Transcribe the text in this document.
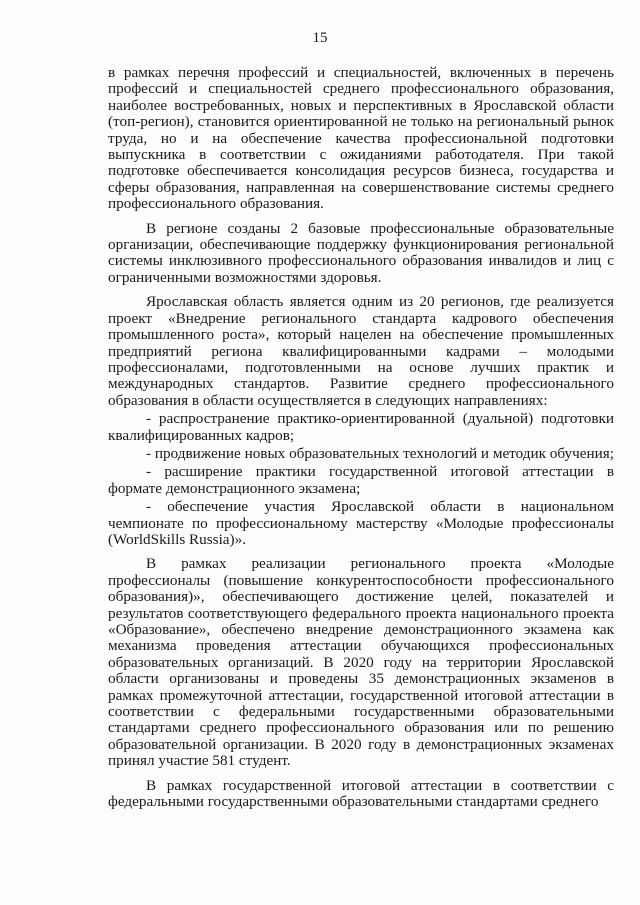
15

в рамках перечня профессий и специальностей, включенных в перечень профессий и специальностей среднего профессионального образования, наиболее востребованных, новых и перспективных в Ярославской области (топ-регион), становится ориентированной не только на региональный рынок труда, но и на обеспечение качества профессиональной подготовки выпускника в соответствии с ожиданиями работодателя. При такой подготовке обеспечивается консолидация ресурсов бизнеса, государства и сферы образования, направленная на совершенствование системы среднего профессионального образования.

В регионе созданы 2 базовые профессиональные образовательные организации, обеспечивающие поддержку функционирования региональной системы инклюзивного профессионального образования инвалидов и лиц с ограниченными возможностями здоровья.

Ярославская область является одним из 20 регионов, где реализуется проект «Внедрение регионального стандарта кадрового обеспечения промышленного роста», который нацелен на обеспечение промышленных предприятий региона квалифицированными кадрами – молодыми профессионалами, подготовленными на основе лучших практик и международных стандартов. Развитие среднего профессионального образования в области осуществляется в следующих направлениях:

- распространение практико-ориентированной (дуальной) подготовки квалифицированных кадров;

- продвижение новых образовательных технологий и методик обучения;

- расширение практики государственной итоговой аттестации в формате демонстрационного экзамена;

- обеспечение участия Ярославской области в национальном чемпионате по профессиональному мастерству «Молодые профессионалы (WorldSkills Russia)».

В рамках реализации регионального проекта «Молодые профессионалы (повышение конкурентоспособности профессионального образования)», обеспечивающего достижение целей, показателей и результатов соответствующего федерального проекта национального проекта «Образование», обеспечено внедрение демонстрационного экзамена как механизма проведения аттестации обучающихся профессиональных образовательных организаций. В 2020 году на территории Ярославской области организованы и проведены 35 демонстрационных экзаменов в рамках промежуточной аттестации, государственной итоговой аттестации в соответствии с федеральными государственными образовательными стандартами среднего профессионального образования или по решению образовательной организации. В 2020 году в демонстрационных экзаменах принял участие 581 студент.

В рамках государственной итоговой аттестации в соответствии с федеральными государственными образовательными стандартами среднего
